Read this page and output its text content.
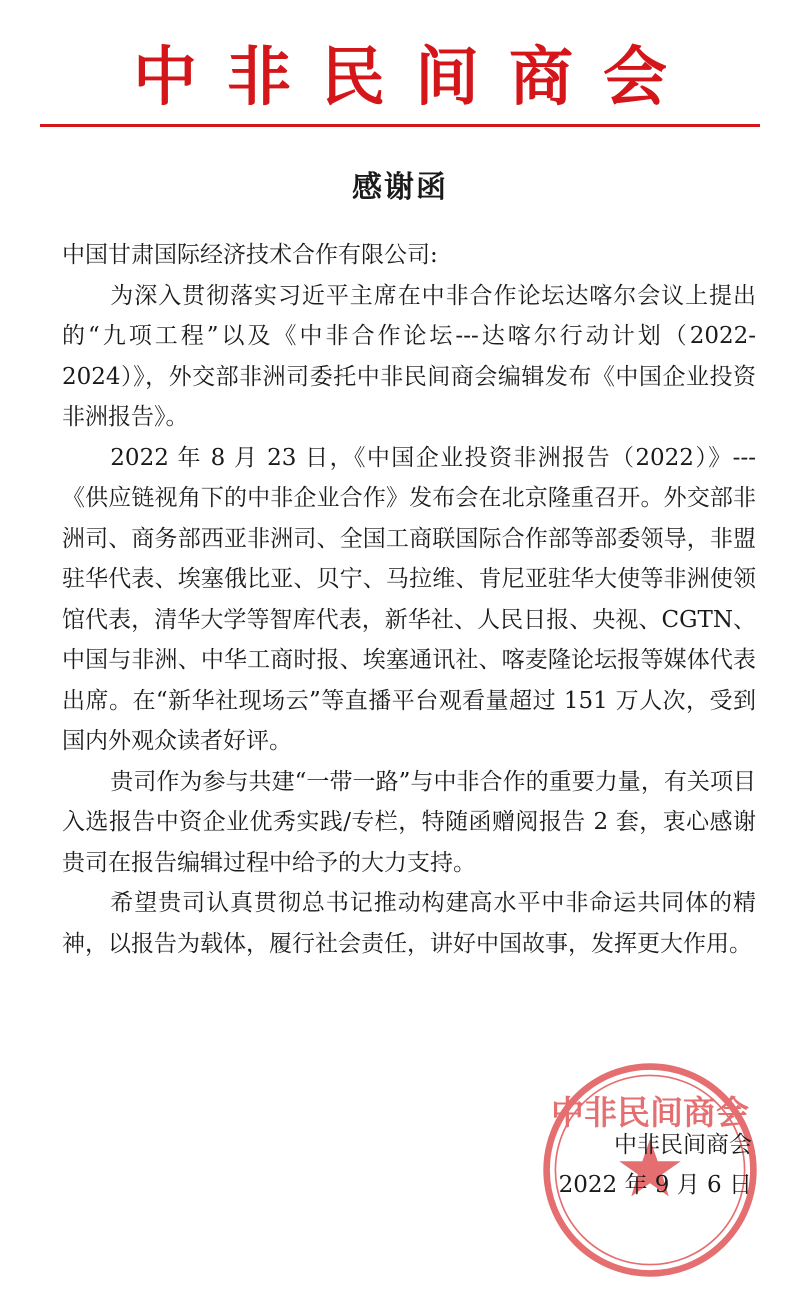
中非民间商会
感谢函

中国甘肃国际经济技术合作有限公司:

为深入贯彻落实习近平主席在中非合作论坛达喀尔会议上提出的“九项工程”以及《中非合作论坛---达喀尔行动计划（2022-2024）》，外交部非洲司委托中非民间商会编辑发布《中国企业投资非洲报告》。

2022 年 8 月 23 日，《中国企业投资非洲报告（2022）》---《供应链视角下的中非企业合作》发布会在北京隆重召开。外交部非洲司、商务部西亚非洲司、全国工商联国际合作部等部委领导，非盟驻华代表、埃塞俄比亚、贝宁、马拉维、肯尼亚驻华大使等非洲使领馆代表，清华大学等智库代表，新华社、人民日报、央视、CGTN、中国与非洲、中华工商时报、埃塞通讯社、喀麦隆论坛报等媒体代表出席。在“新华社现场云”等直播平台观看量超过 151 万人次，受到国内外观众读者好评。

贵司作为参与共建“一带一路”与中非合作的重要力量，有关项目入选报告中资企业优秀实践/专栏，特随函赠阅报告 2 套，衷心感谢贵司在报告编辑过程中给予的大力支持。

希望贵司认真贯彻总书记推动构建高水平中非命运共同体的精神，以报告为载体，履行社会责任，讲好中国故事，发挥更大作用。

中非民间商会
中非民间商会
2022 年 9 月 6 日
